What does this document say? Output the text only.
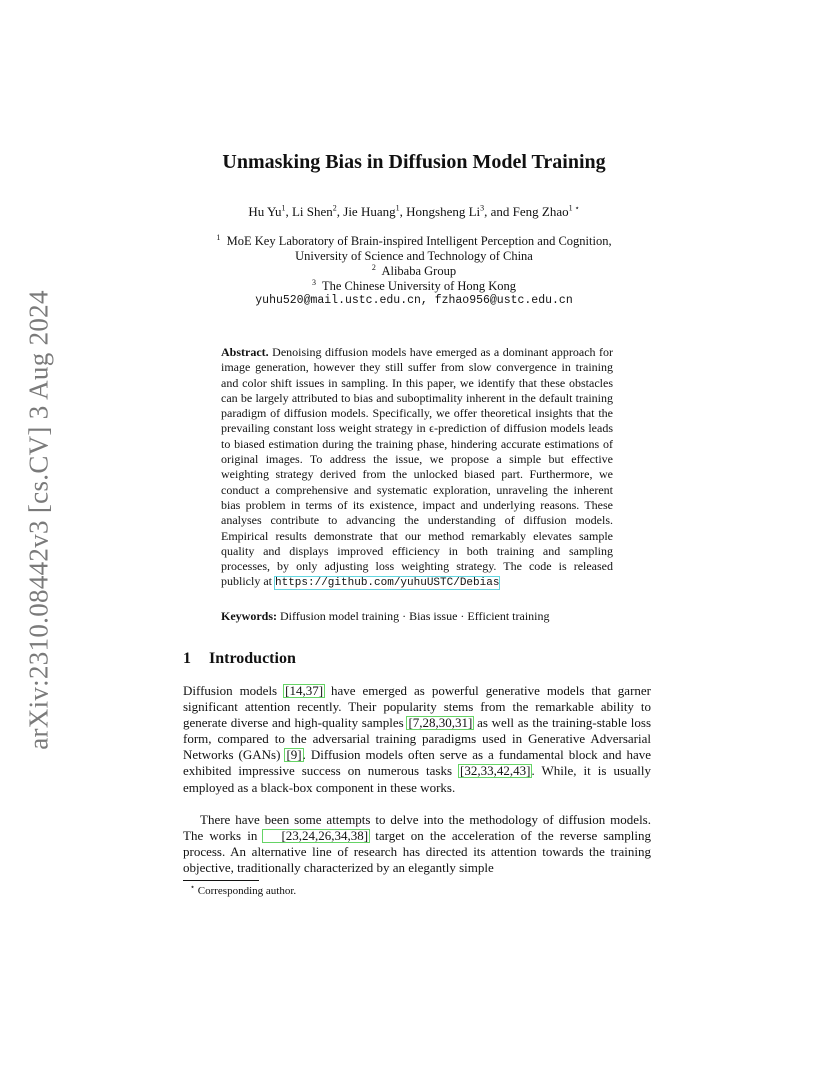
arXiv:2310.08442v3 [cs.CV] 3 Aug 2024
Unmasking Bias in Diffusion Model Training
Hu Yu$^1$, Li Shen$^2$, Jie Huang$^1$, Hongsheng Li$^3$, and Feng Zhao$^{1 ⋆}$
$^1$ MoE Key Laboratory of Brain-inspired Intelligent Perception and Cognition,
University of Science and Technology of China
$^2$ Alibaba Group
$^3$ The Chinese University of Hong Kong
yuhu520@mail.ustc.edu.cn, fzhao956@ustc.edu.cn
Abstract. Denoising diffusion models have emerged as a dominant approach for image generation, however they still suffer from slow convergence in training and color shift issues in sampling. In this paper, we identify that these obstacles can be largely attributed to bias and suboptimality inherent in the default training paradigm of diffusion models. Specifically, we offer theoretical insights that the prevailing constant loss weight strategy in ϵ-prediction of diffusion models leads to biased estimation during the training phase, hindering accurate estimations of original images. To address the issue, we propose a simple but effective weighting strategy derived from the unlocked biased part. Furthermore, we conduct a comprehensive and systematic exploration, unraveling the inherent bias problem in terms of its existence, impact and underlying reasons. These analyses contribute to advancing the understanding of diffusion models. Empirical results demonstrate that our method remarkably elevates sample quality and displays improved efficiency in both training and sampling processes, by only adjusting loss weighting strategy. The code is released publicly at https://github.com/yuhuUSTC/Debias
Keywords: Diffusion model training · Bias issue · Efficient training
1 Introduction
Diffusion models [14,37] have emerged as powerful generative models that garner significant attention recently. Their popularity stems from the remarkable ability to generate diverse and high-quality samples [7,28,30,31] as well as the training-stable loss form, compared to the adversarial training paradigms used in Generative Adversarial Networks (GANs) [9]. Diffusion models often serve as a fundamental block and have exhibited impressive success on numerous tasks [32,33,42,43]. While, it is usually employed as a black-box component in these works.
There have been some attempts to delve into the methodology of diffusion models. The works in [23,24,26,34,38] target on the acceleration of the reverse sampling process. An alternative line of research has directed its attention towards the training objective, traditionally characterized by an elegantly simple
⋆ Corresponding author.
